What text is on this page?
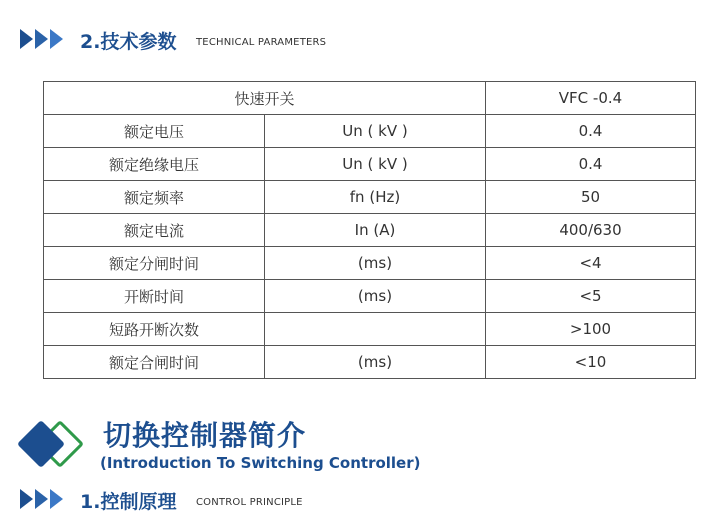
2.技术参数 TECHNICAL PARAMETERS
快速开关		VFC -0.4
额定电压	Un ( kV )	0.4
额定绝缘电压	Un ( kV )	0.4
额定频率	fn (Hz)	50
额定电流	In (A)	400/630
额定分闸时间	(ms)	<4
开断时间	(ms)	<5
短路开断次数		>100
额定合闸时间	(ms)	<10
切换控制器简介
(Introduction To Switching Controller)
1.控制原理 CONTROL PRINCIPLE
